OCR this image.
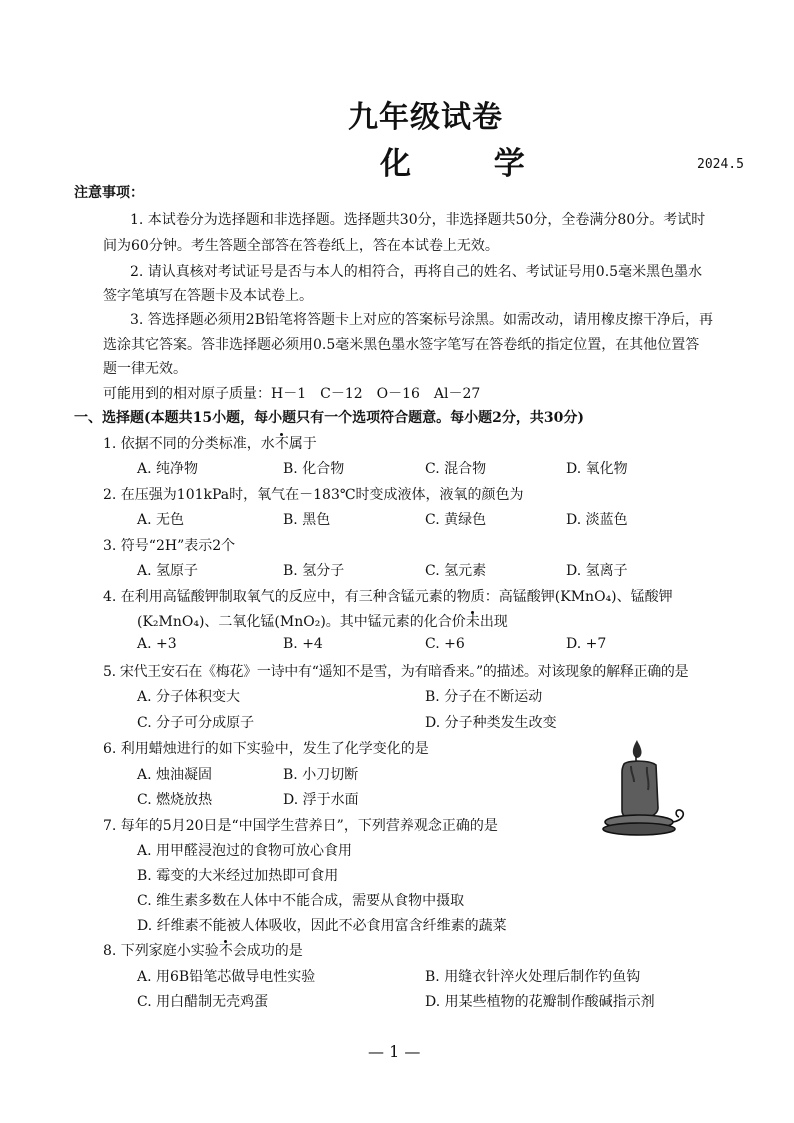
九年级试卷
化 学	2024.5
注意事项：
1. 本试卷分为选择题和非选择题。选择题共30分，非选择题共50分，全卷满分80分。考试时
间为60分钟。考生答题全部答在答卷纸上，答在本试卷上无效。
2. 请认真核对考试证号是否与本人的相符合，再将自己的姓名、考试证号用0.5毫米黑色墨水
签字笔填写在答题卡及本试卷上。
3. 答选择题必须用2B铅笔将答题卡上对应的答案标号涂黑。如需改动，请用橡皮擦干净后，再
选涂其它答案。答非选择题必须用0.5毫米黑色墨水签字笔写在答卷纸的指定位置，在其他位置答
题一律无效。
可能用到的相对原子质量：H－1　C－12　O－16　Al－27
一、选择题(本题共15小题，每小题只有一个选项符合题意。每小题2分，共30分)
1. 依据不同的分类标准，水不属于
A. 纯净物	B. 化合物	C. 混合物	D. 氧化物
2. 在压强为101kPa时，氧气在－183℃时变成液体，液氧的颜色为
A. 无色	B. 黑色	C. 黄绿色	D. 淡蓝色
3. 符号“2H”表示2个
A. 氢原子	B. 氢分子	C. 氢元素	D. 氢离子
4. 在利用高锰酸钾制取氧气的反应中，有三种含锰元素的物质：高锰酸钾(KMnO₄)、锰酸钾
(K₂MnO₄)、二氧化锰(MnO₂)。其中锰元素的化合价未出现
A. +3	B. +4	C. +6	D. +7
5. 宋代王安石在《梅花》一诗中有“遥知不是雪，为有暗香来。”的描述。对该现象的解释正确的是
A. 分子体积变大	B. 分子在不断运动
C. 分子可分成原子	D. 分子种类发生改变
6. 利用蜡烛进行的如下实验中，发生了化学变化的是
A. 烛油凝固	B. 小刀切断
C. 燃烧放热	D. 浮于水面
7. 每年的5月20日是“中国学生营养日”，下列营养观念正确的是
A. 用甲醛浸泡过的食物可放心食用
B. 霉变的大米经过加热即可食用
C. 维生素多数在人体中不能合成，需要从食物中摄取
D. 纤维素不能被人体吸收，因此不必食用富含纤维素的蔬菜
8. 下列家庭小实验不会成功的是
A. 用6B铅笔芯做导电性实验	B. 用缝衣针淬火处理后制作钓鱼钩
C. 用白醋制无壳鸡蛋	D. 用某些植物的花瓣制作酸碱指示剂
— 1 —
